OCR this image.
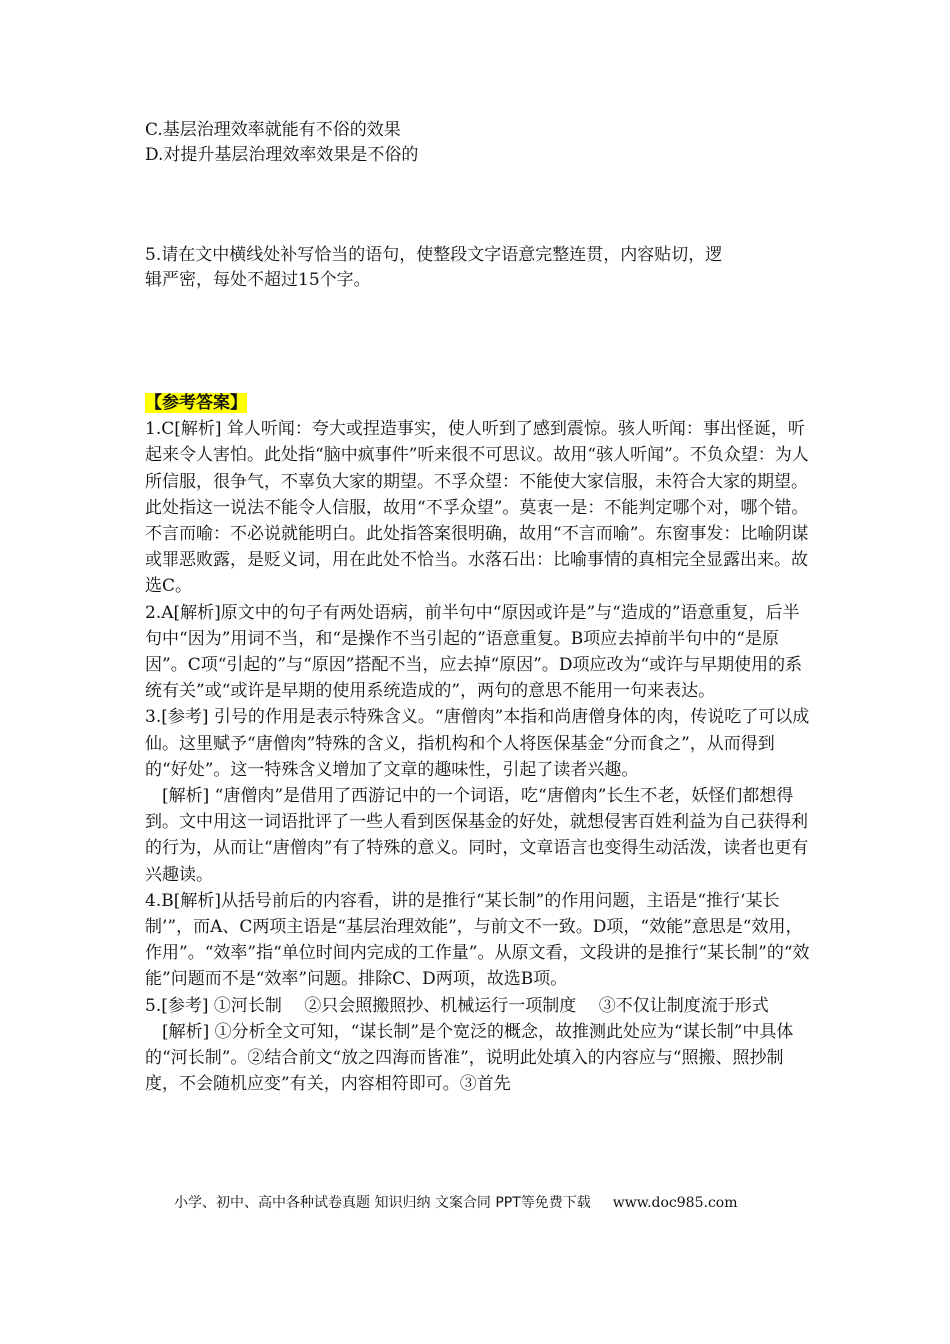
C.基层治理效率就能有不俗的效果
D.对提升基层治理效率效果是不俗的
5.请在文中横线处补写恰当的语句，使整段文字语意完整连贯，内容贴切，逻
辑严密，每处不超过15个字。

【参考答案】

1.C[解析] 耸人听闻：夸大或捏造事实，使人听到了感到震惊。骇人听闻：事出怪诞，听起来令人害怕。此处指“脑中疯事件”听来很不可思议。故用“骇人听闻”。不负众望：为人所信服，很争气，不辜负大家的期望。不孚众望：不能使大家信服，未符合大家的期望。此处指这一说法不能令人信服，故用“不孚众望”。莫衷一是：不能判定哪个对，哪个错。不言而喻：不必说就能明白。此处指答案很明确，故用“不言而喻”。东窗事发：比喻阴谋或罪恶败露，是贬义词，用在此处不恰当。水落石出：比喻事情的真相完全显露出来。故选C。

2.A[解析]原文中的句子有两处语病，前半句中“原因或许是”与“造成的”语意重复，后半句中“因为”用词不当，和“是操作不当引起的”语意重复。B项应去掉前半句中的“是原因”。C项“引起的”与“原因”搭配不当，应去掉“原因”。D项应改为“或许与早期使用的系统有关”或“或许是早期的使用系统造成的”，两句的意思不能用一句来表达。

3.[参考] 引号的作用是表示特殊含义。“唐僧肉”本指和尚唐僧身体的肉，传说吃了可以成仙。这里赋予“唐僧肉”特殊的含义，指机构和个人将医保基金“分而食之”，从而得到的“好处”。这一特殊含义增加了文章的趣味性，引起了读者兴趣。

[解析] “唐僧肉”是借用了西游记中的一个词语，吃“唐僧肉”长生不老，妖怪们都想得到。文中用这一词语批评了一些人看到医保基金的好处，就想侵害百姓利益为自己获得利的行为，从而让“唐僧肉”有了特殊的意义。同时，文章语言也变得生动活泼，读者也更有兴趣读。

4.B[解析]从括号前后的内容看，讲的是推行“某长制”的作用问题，主语是“推行‘某长制’”，而A、C两项主语是“基层治理效能”，与前文不一致。D项，“效能”意思是“效用，作用”。“效率”指“单位时间内完成的工作量”。从原文看，文段讲的是推行“某长制”的“效能”问题而不是“效率”问题。排除C、D两项，故选B项。

5.[参考] ①河长制　 ②只会照搬照抄、机械运行一项制度　 ③不仅让制度流于形式

[解析] ①分析全文可知，“谋长制”是个宽泛的概念，故推测此处应为“谋长制”中具体的“河长制”。②结合前文“放之四海而皆准”，说明此处填入的内容应与“照搬、照抄制度，不会随机应变”有关，内容相符即可。③首先

小学、初中、高中各种试卷真题 知识归纳 文案合同 PPT等免费下载 www.doc985.com
